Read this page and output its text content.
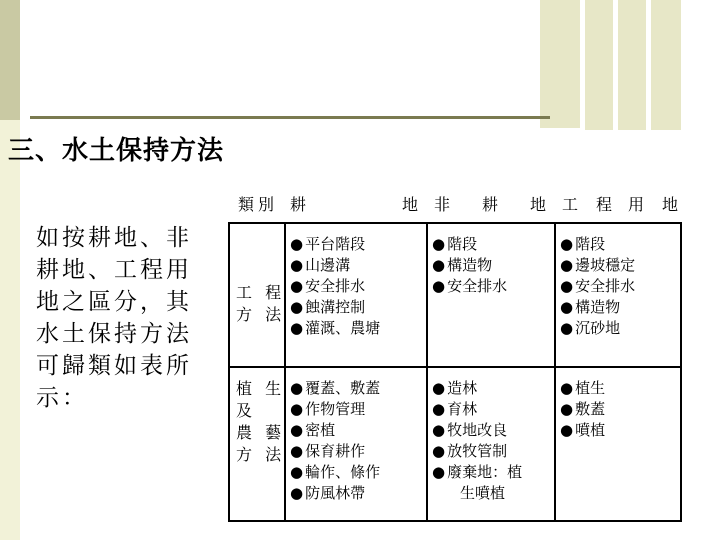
三、水土保持方法
如按耕地、非耕地、工程用地之區分，其水土保持方法可歸類如表所示：
類別 耕	地 非 耕 地 工 程 用 地
工 程
方 法
植 生
及
農 藝
方 法
● 平台階段
● 山邊溝
● 安全排水
● 蝕溝控制
● 灌溉、農塘
● 階段
● 構造物
● 安全排水
● 階段
● 邊坡穩定
● 安全排水
● 構造物
● 沉砂地
● 覆蓋、敷蓋
● 作物管理
● 密植
● 保育耕作
● 輪作、條作
● 防風林帶
● 造林
● 育林
● 牧地改良
● 放牧管制
● 廢棄地：植
生噴植
● 植生
● 敷蓋
● 噴植
